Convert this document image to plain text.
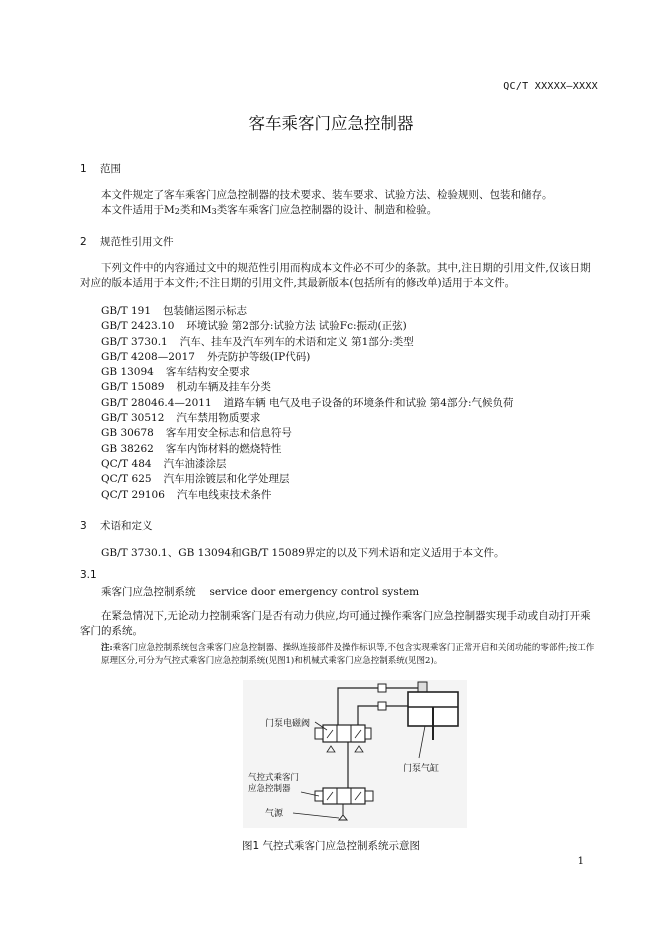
QC/T XXXXX—XXXX
客车乘客门应急控制器
1 范围
本文件规定了客车乘客门应急控制器的技术要求、装车要求、试验方法、检验规则、包装和储存。
本文件适用于M2类和M3类客车乘客门应急控制器的设计、制造和检验。
2 规范性引用文件
下列文件中的内容通过文中的规范性引用而构成本文件必不可少的条款。其中,注日期的引用文件,仅该日期对应的版本适用于本文件;不注日期的引用文件,其最新版本(包括所有的修改单)适用于本文件。
GB/T 191 包装储运图示标志
GB/T 2423.10 环境试验 第2部分:试验方法 试验Fc:振动(正弦)
GB/T 3730.1 汽车、挂车及汽车列车的术语和定义 第1部分:类型
GB/T 4208—2017 外壳防护等级(IP代码)
GB 13094 客车结构安全要求
GB/T 15089 机动车辆及挂车分类
GB/T 28046.4—2011 道路车辆 电气及电子设备的环境条件和试验 第4部分:气候负荷
GB/T 30512 汽车禁用物质要求
GB 30678 客车用安全标志和信息符号
GB 38262 客车内饰材料的燃烧特性
QC/T 484 汽车油漆涂层
QC/T 625 汽车用涂镀层和化学处理层
QC/T 29106 汽车电线束技术条件
3 术语和定义
GB/T 3730.1、GB 13094和GB/T 15089界定的以及下列术语和定义适用于本文件。
3.1
乘客门应急控制系统 service door emergency control system
在紧急情况下,无论动力控制乘客门是否有动力供应,均可通过操作乘客门应急控制器实现手动或自动打开乘客门的系统。
注:乘客门应急控制系统包含乘客门应急控制器、操纵连接部件及操作标识等,不包含实现乘客门正常开启和关闭功能的零部件;按工作原理区分,可分为气控式乘客门应急控制系统(见图1)和机械式乘客门应急控制系统(见图2)。
门泵电磁阀
门泵气缸
气控式乘客门
应急控制器
气源
图1 气控式乘客门应急控制系统示意图
1
